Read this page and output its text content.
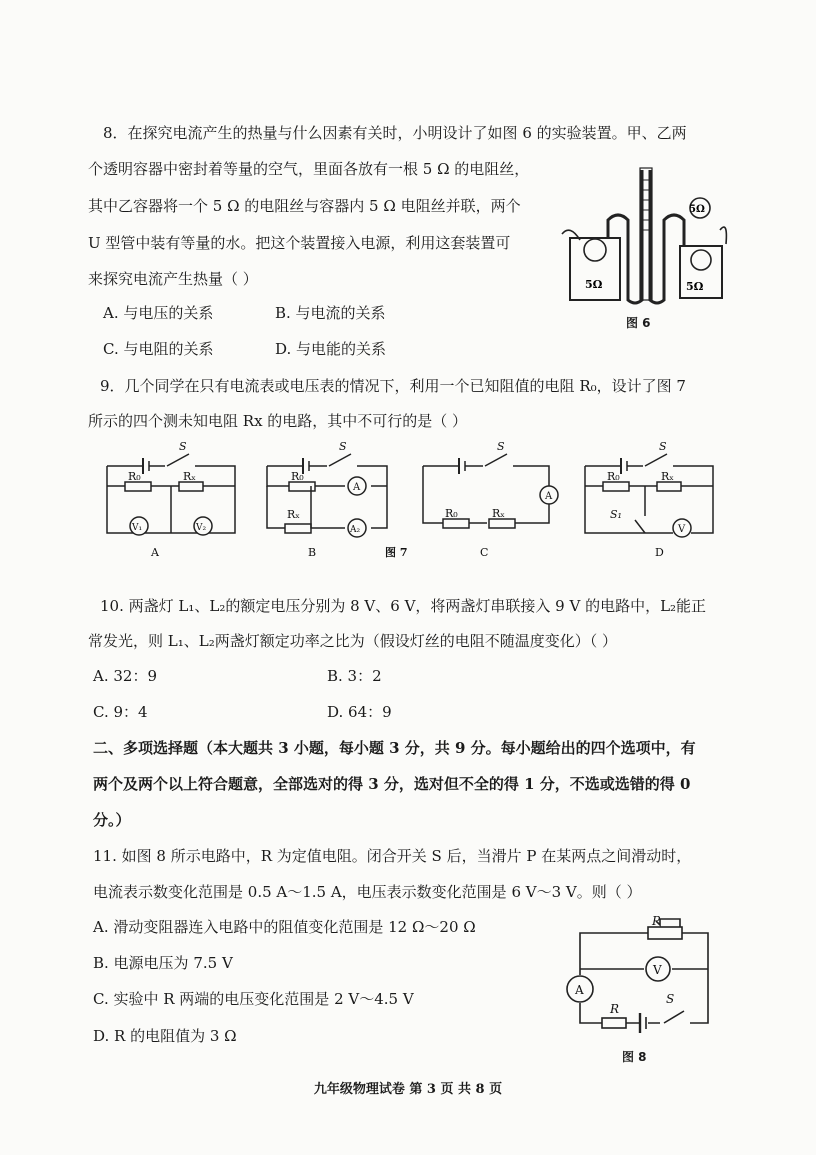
8．在探究电流产生的热量与什么因素有关时，小明设计了如图 6 的实验装置。甲、乙两
个透明容器中密封着等量的空气，里面各放有一根 5 Ω 的电阻丝，
其中乙容器将一个 5 Ω 的电阻丝与容器内 5 Ω 电阻丝并联，两个
U 型管中装有等量的水。把这个装置接入电源，利用这套装置可
来探究电流产生热量（ ）
A. 与电压的关系	B. 与电流的关系
C. 与电阻的关系	D. 与电能的关系
5Ω	5Ω
5Ω
图 6
9．几个同学在只有电流表或电压表的情况下，利用一个已知阻值的电阻 R₀，设计了图 7
所示的四个测未知电阻 Rx 的电路，其中不可行的是（ ）
S
R₀	Rₓ
V₁	V₂
A
S
R₀
Rₓ
A
A₂
B
S
R₀	Rₓ
A
C
S
R₀	Rₓ
S₁
V
D
图 7
10. 两盏灯 L₁、L₂的额定电压分别为 8 V、6 V，将两盏灯串联接入 9 V 的电路中，L₂能正
常发光，则 L₁、L₂两盏灯额定功率之比为（假设灯丝的电阻不随温度变化）（ ）
A. 32：9	B. 3：2
C. 9：4	D. 64：9
二、多项选择题（本大题共 3 小题，每小题 3 分，共 9 分。每小题给出的四个选项中，有
两个及两个以上符合题意，全部选对的得 3 分，选对但不全的得 1 分，不选或选错的得 0
分。）
11. 如图 8 所示电路中，R 为定值电阻。闭合开关 S 后，当滑片 P 在某两点之间滑动时，
电流表示数变化范围是 0.5 A～1.5 A，电压表示数变化范围是 6 V～3 V。则（ ）
A. 滑动变阻器连入电路中的阻值变化范围是 12 Ω～20 Ω
B. 电源电压为 7.5 V
C. 实验中 R 两端的电压变化范围是 2 V～4.5 V
D. R 的电阻值为 3 Ω
P
V
A
R
S
图 8
九年级物理试卷 第 3 页 共 8 页
